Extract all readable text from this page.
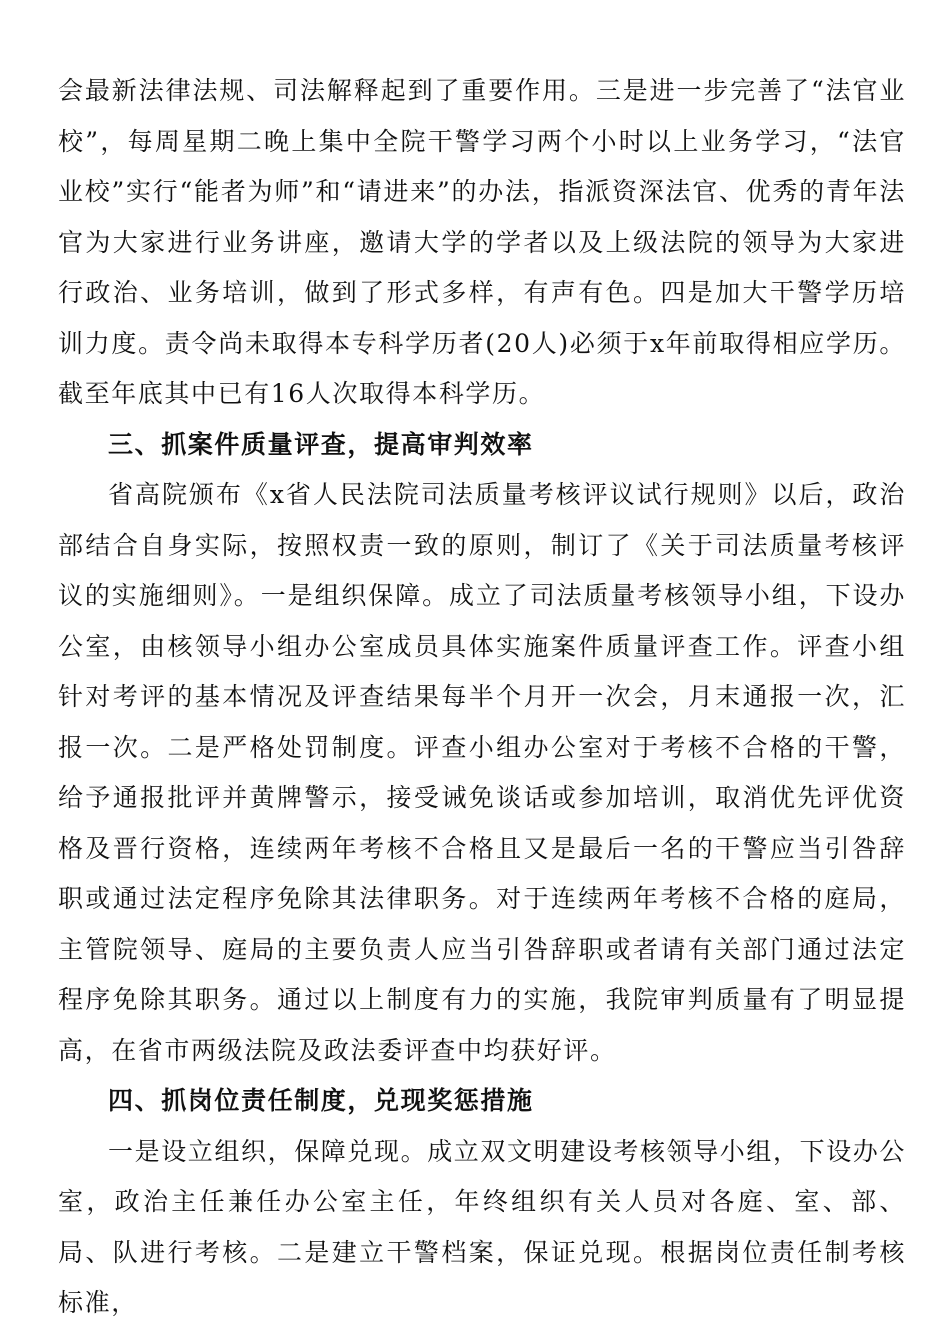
会最新法律法规、司法解释起到了重要作用。三是进一步完善了“法官业校”，每周星期二晚上集中全院干警学习两个小时以上业务学习，“法官业校”实行“能者为师”和“请进来”的办法，指派资深法官、优秀的青年法官为大家进行业务讲座，邀请大学的学者以及上级法院的领导为大家进行政治、业务培训，做到了形式多样，有声有色。四是加大干警学历培训力度。责令尚未取得本专科学历者(20人)必须于x年前取得相应学历。截至年底其中已有16人次取得本科学历。

三、抓案件质量评查，提高审判效率

省高院颁布《x省人民法院司法质量考核评议试行规则》以后，政治部结合自身实际，按照权责一致的原则，制订了《关于司法质量考核评议的实施细则》。一是组织保障。成立了司法质量考核领导小组，下设办公室，由核领导小组办公室成员具体实施案件质量评查工作。评查小组针对考评的基本情况及评查结果每半个月开一次会，月末通报一次，汇报一次。二是严格处罚制度。评查小组办公室对于考核不合格的干警，给予通报批评并黄牌警示，接受诫免谈话或参加培训，取消优先评优资格及晋行资格，连续两年考核不合格且又是最后一名的干警应当引咎辞职或通过法定程序免除其法律职务。对于连续两年考核不合格的庭局，主管院领导、庭局的主要负责人应当引咎辞职或者请有关部门通过法定程序免除其职务。通过以上制度有力的实施，我院审判质量有了明显提高，在省市两级法院及政法委评查中均获好评。

四、抓岗位责任制度，兑现奖惩措施

一是设立组织，保障兑现。成立双文明建设考核领导小组，下设办公室，政治主任兼任办公室主任，年终组织有关人员对各庭、室、部、局、队进行考核。二是建立干警档案，保证兑现。根据岗位责任制考核标准，
